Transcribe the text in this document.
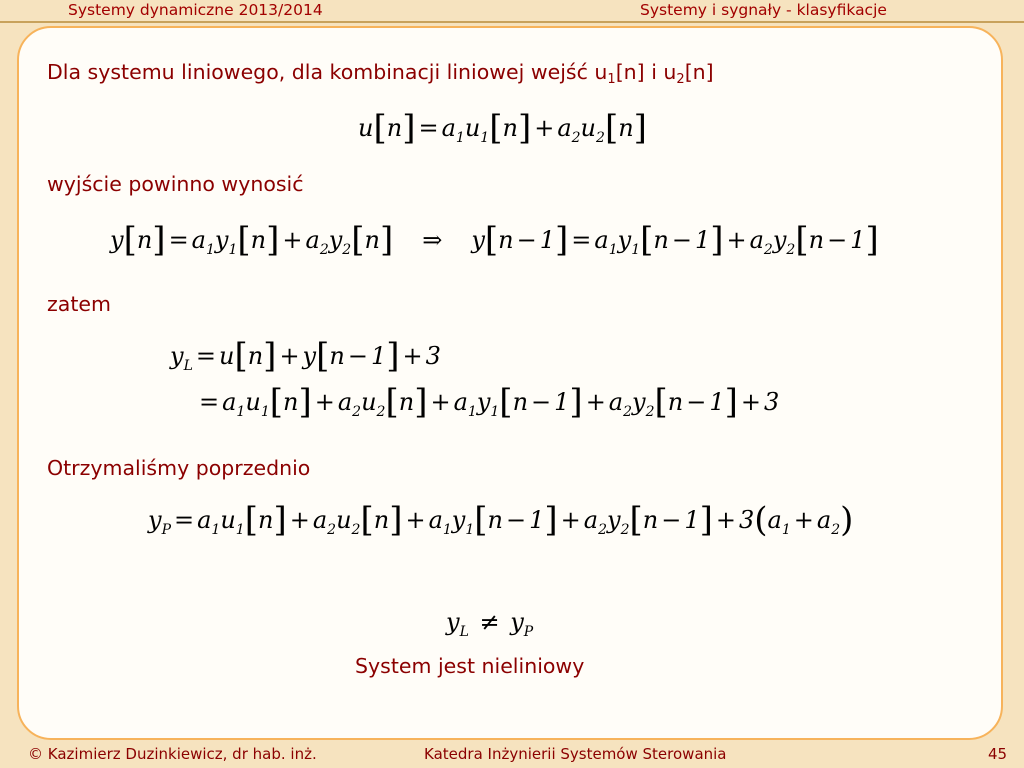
Systemy dynamiczne 2013/2014	Systemy i sygnały - klasyfikacje
Dla systemu liniowego, dla kombinacji liniowej wejść $u_1[n]$ i $u_2[n]$
$u[n] = a_1u_1[n] + a_2u_2[n]$
wyjście powinno wynosić
$y[n] = a_1y_1[n] + a_2y_2[n]$ ⇒ $y[n - 1] = a_1y_1[n - 1] + a_2y_2[n - 1]$
zatem
$y_L = u[n] + y[n - 1] + 3$
= $a_1u_1[n] + a_2u_2[n] + a_1y_1[n - 1] + a_2y_2[n - 1] + 3$
Otrzymaliśmy poprzednio
$y_P = a_1u_1[n] + a_2u_2[n] + a_1y_1[n - 1] + a_2y_2[n - 1] + 3(a_1 + a_2)$
$y_L \ne y_P$
System jest nieliniowy
© Kazimierz Duzinkiewicz, dr hab. inż.	Katedra Inżynierii Systemów Sterowania	45
